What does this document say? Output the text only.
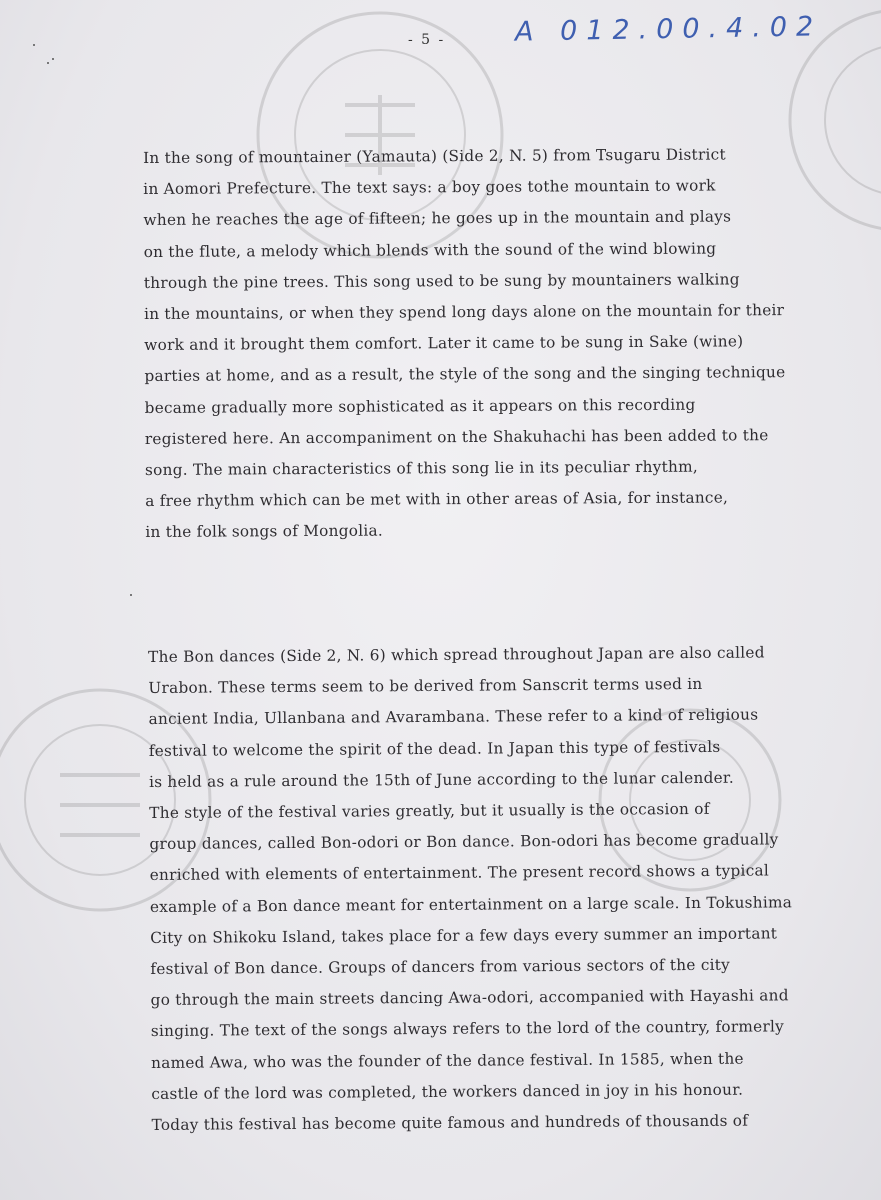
- 5 -	A 012.00.4.02
In the song of mountainer (Yamauta) (Side 2, N. 5) from Tsugaru District
in Aomori Prefecture. The text says: a boy goes tothe mountain to work
when he reaches the age of fifteen; he goes up in the mountain and plays
on the flute, a melody which blends with the sound of the wind blowing
through the pine trees. This song used to be sung by mountainers walking
in the mountains, or when they spend long days alone on the mountain for their
work and it brought them comfort. Later it came to be sung in Sake (wine)
parties at home, and as a result, the style of the song and the singing technique
became gradually more sophisticated as it appears on this recording
registered here. An accompaniment on the Shakuhachi has been added to the
song. The main characteristics of this song lie in its peculiar rhythm,
a free rhythm which can be met with in other areas of Asia, for instance,
in the folk songs of Mongolia.
The Bon dances (Side 2, N. 6) which spread throughout Japan are also called
Urabon. These terms seem to be derived from Sanscrit terms used in
ancient India, Ullanbana and Avarambana. These refer to a kind of religious
festival to welcome the spirit of the dead. In Japan this type of festivals
is held as a rule around the 15th of June according to the lunar calender.
The style of the festival varies greatly, but it usually is the occasion of
group dances, called Bon-odori or Bon dance. Bon-odori has become gradually
enriched with elements of entertainment. The present record shows a typical
example of a Bon dance meant for entertainment on a large scale. In Tokushima
City on Shikoku Island, takes place for a few days every summer an important
festival of Bon dance. Groups of dancers from various sectors of the city
go through the main streets dancing Awa-odori, accompanied with Hayashi and
singing. The text of the songs always refers to the lord of the country, formerly
named Awa, who was the founder of the dance festival. In 1585, when the
castle of the lord was completed, the workers danced in joy in his honour.
Today this festival has become quite famous and hundreds of thousands of
